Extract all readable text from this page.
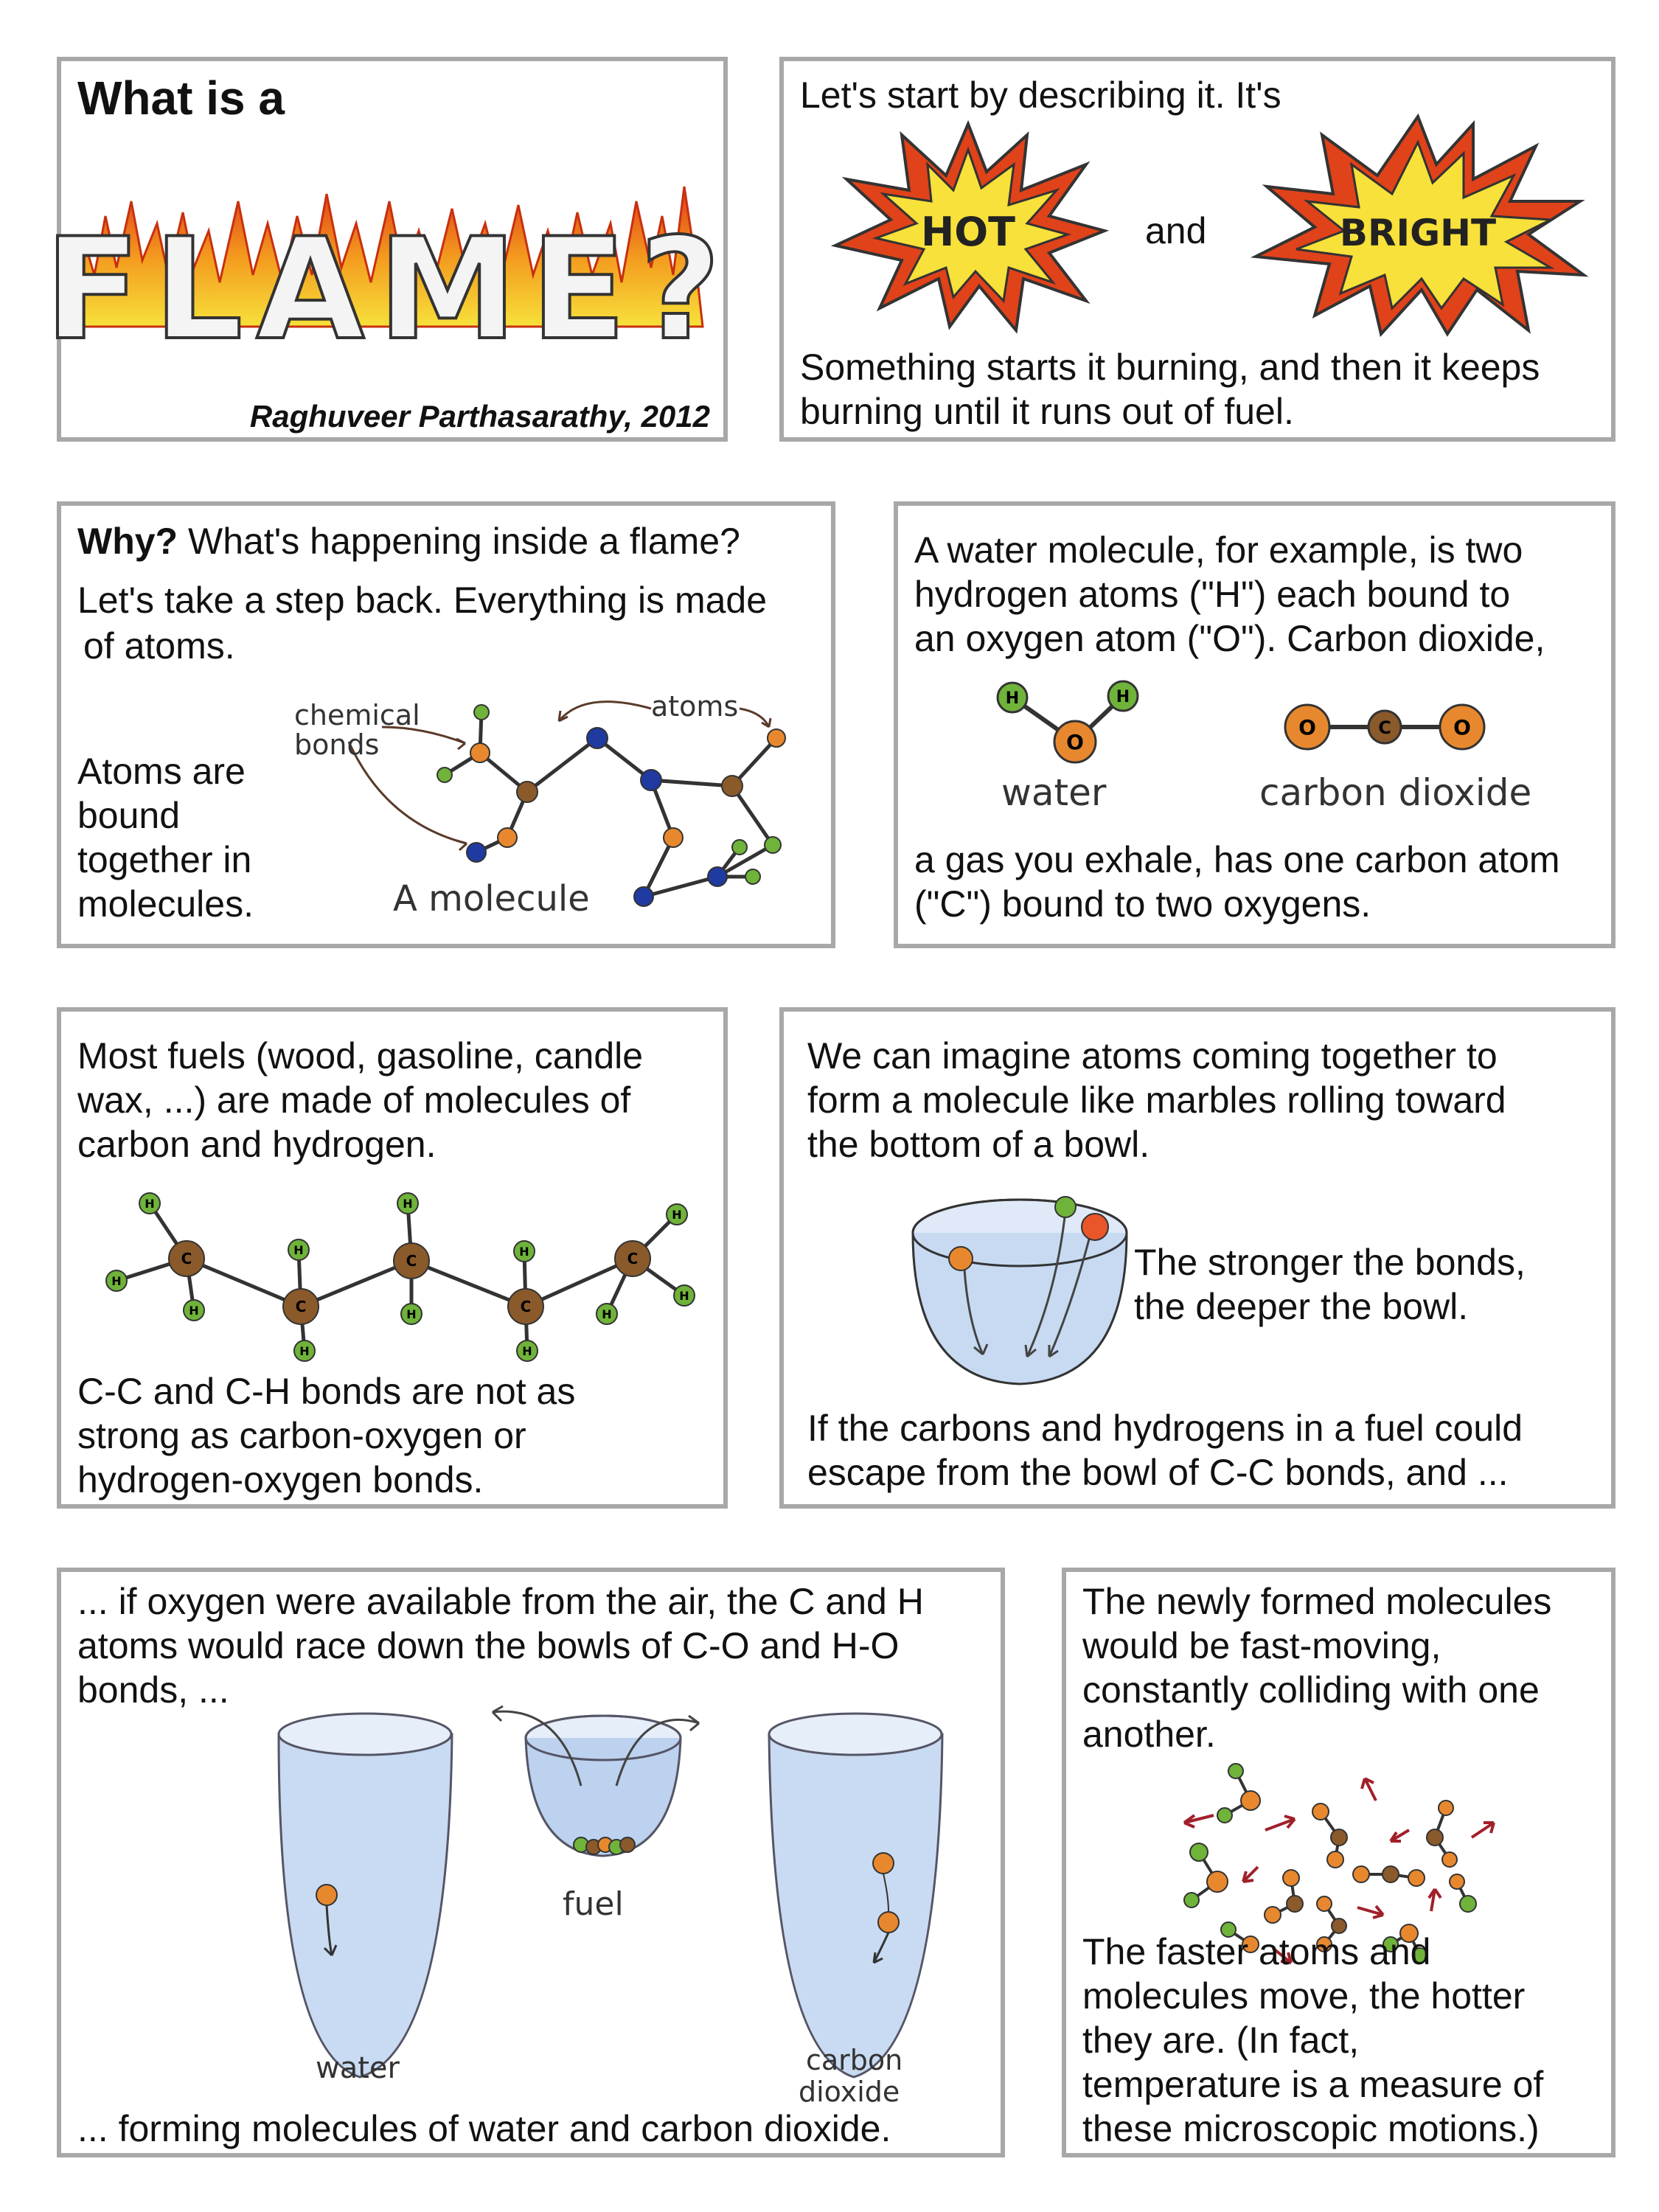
What is a
FLAME?
Raghuveer Parthasarathy, 2012
Let's start by describing it. It's
HOT	and	BRIGHT
Something starts it burning, and then it keeps
burning until it runs out of fuel.
Why? What's happening inside a flame?
Let's take a step back. Everything is made
of atoms.
Atoms are
bound
together in
molecules.
chemical
bonds
atoms
A molecule
A water molecule, for example, is two
hydrogen atoms ("H") each bound to
an oxygen atom ("O"). Carbon dioxide,
H	H
O
O	C	O
water	carbon dioxide
a gas you exhale, has one carbon atom
("C") bound to two oxygens.
Most fuels (wood, gasoline, candle
wax, ...) are made of molecules of
carbon and hydrogen.
H
H
H
H
H
H
H
H
H
H
H
H
C
C
C
C
C
C-C and C-H bonds are not as
strong as carbon-oxygen or
hydrogen-oxygen bonds.
We can imagine atoms coming together to
form a molecule like marbles rolling toward
the bottom of a bowl.
The stronger the bonds,
the deeper the bowl.
If the carbons and hydrogens in a fuel could
escape from the bowl of C-C bonds, and ...
... if oxygen were available from the air, the C and H
atoms would race down the bowls of C-O and H-O
bonds, ...
fuel
water	carbon
dioxide
... forming molecules of water and carbon dioxide.
The newly formed molecules
would be fast-moving,
constantly colliding with one
another.
The faster atoms and
molecules move, the hotter
they are. (In fact,
temperature is a measure of
these microscopic motions.)
